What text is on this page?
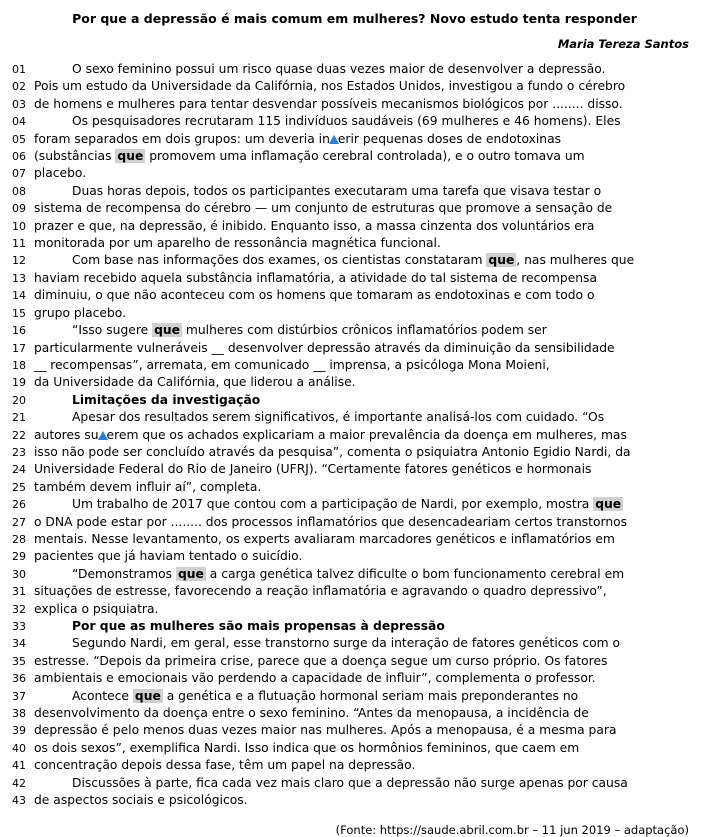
Por que a depressão é mais comum em mulheres? Novo estudo tenta responder
Maria Tereza Santos
01	O sexo feminino possui um risco quase duas vezes maior de desenvolver a depressão.
02 Pois um estudo da Universidade da Califórnia, nos Estados Unidos, investigou a fundo o cérebro
03 de homens e mulheres para tentar desvendar possíveis mecanismos biológicos por ........ disso.
04	Os pesquisadores recrutaram 115 indivíduos saudáveis (69 mulheres e 46 homens). Eles
05 foram separados em dois grupos: um deveria in erir pequenas doses de endotoxinas
06 (substâncias que promovem uma inflamação cerebral controlada), e o outro tomava um
07 placebo.
08	Duas horas depois, todos os participantes executaram uma tarefa que visava testar o
09 sistema de recompensa do cérebro — um conjunto de estruturas que promove a sensação de
10 prazer e que, na depressão, é inibido. Enquanto isso, a massa cinzenta dos voluntários era
11 monitorada por um aparelho de ressonância magnética funcional.
12	Com base nas informações dos exames, os cientistas constataram que , nas mulheres que
13 haviam recebido aquela substância inflamatória, a atividade do tal sistema de recompensa
14 diminuiu, o que não aconteceu com os homens que tomaram as endotoxinas e com todo o
15 grupo placebo.
16	“Isso sugere que mulheres com distúrbios crônicos inflamatórios podem ser
17 particularmente vulneráveis __ desenvolver depressão através da diminuição da sensibilidade
18 __ recompensas”, arremata, em comunicado __ imprensa, a psicóloga Mona Moieni,
19 da Universidade da Califórnia, que liderou a análise.
20	Limitações da investigação
21	Apesar dos resultados serem significativos, é importante analisá-los com cuidado. “Os
22 autores su erem que os achados explicariam a maior prevalência da doença em mulheres, mas
23 isso não pode ser concluído através da pesquisa”, comenta o psiquiatra Antonio Egidio Nardi, da
24 Universidade Federal do Rio de Janeiro (UFRJ). “Certamente fatores genéticos e hormonais
25 também devem influir aí”, completa.
26	Um trabalho de 2017 que contou com a participação de Nardi, por exemplo, mostra que
27 o DNA pode estar por ........ dos processos inflamatórios que desencadeariam certos transtornos
28 mentais. Nesse levantamento, os experts avaliaram marcadores genéticos e inflamatórios em
29 pacientes que já haviam tentado o suicídio.
30	“Demonstramos que a carga genética talvez dificulte o bom funcionamento cerebral em
31 situações de estresse, favorecendo a reação inflamatória e agravando o quadro depressivo”,
32 explica o psiquiatra.
33	Por que as mulheres são mais propensas à depressão
34	Segundo Nardi, em geral, esse transtorno surge da interação de fatores genéticos com o
35 estresse. “Depois da primeira crise, parece que a doença segue um curso próprio. Os fatores
36 ambientais e emocionais vão perdendo a capacidade de influir”, complementa o professor.
37	Acontece que a genética e a flutuação hormonal seriam mais preponderantes no
38 desenvolvimento da doença entre o sexo feminino. “Antes da menopausa, a incidência de
39 depressão é pelo menos duas vezes maior nas mulheres. Após a menopausa, é a mesma para
40 os dois sexos”, exemplifica Nardi. Isso indica que os hormônios femininos, que caem em
41 concentração depois dessa fase, têm um papel na depressão.
42	Discussões à parte, fica cada vez mais claro que a depressão não surge apenas por causa
43 de aspectos sociais e psicológicos.
(Fonte: https://saude.abril.com.br – 11 jun 2019 – adaptação)
